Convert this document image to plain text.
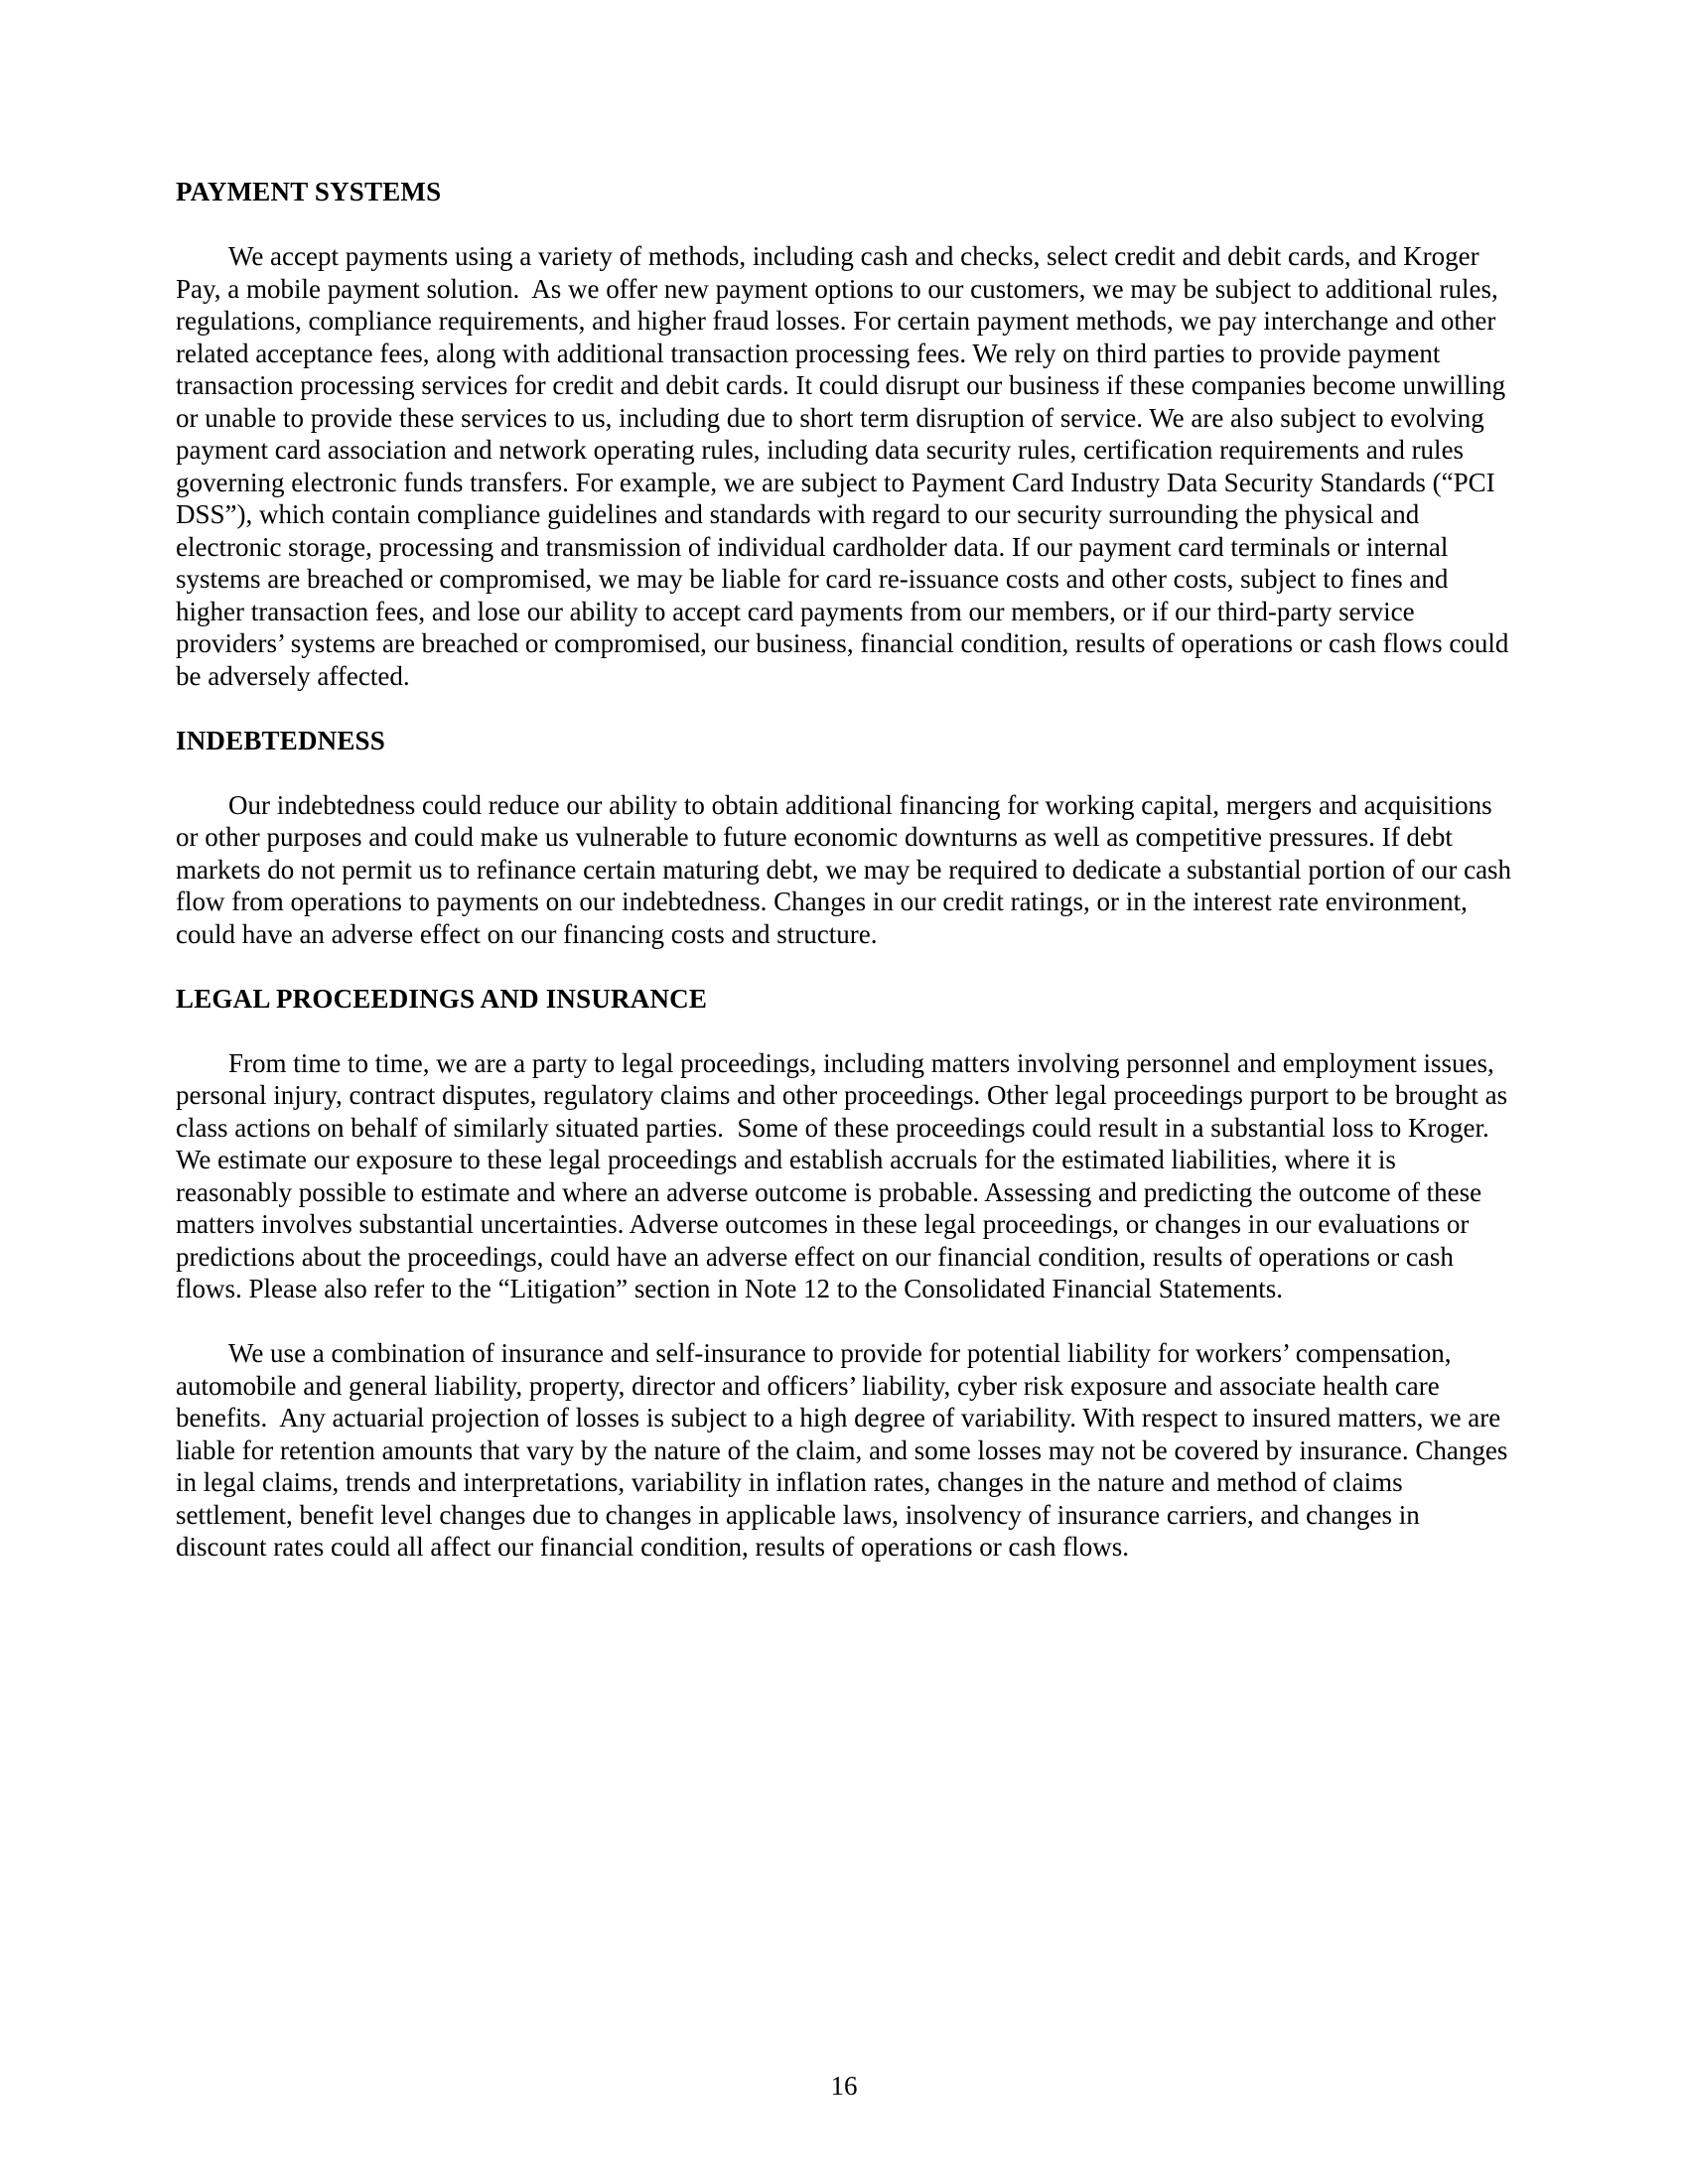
PAYMENT SYSTEMS

We accept payments using a variety of methods, including cash and checks, select credit and debit cards, and Kroger Pay, a mobile payment solution.  As we offer new payment options to our customers, we may be subject to additional rules, regulations, compliance requirements, and higher fraud losses. For certain payment methods, we pay interchange and other related acceptance fees, along with additional transaction processing fees. We rely on third parties to provide payment transaction processing services for credit and debit cards. It could disrupt our business if these companies become unwilling or unable to provide these services to us, including due to short term disruption of service. We are also subject to evolving payment card association and network operating rules, including data security rules, certification requirements and rules governing electronic funds transfers. For example, we are subject to Payment Card Industry Data Security Standards (“PCI DSS”), which contain compliance guidelines and standards with regard to our security surrounding the physical and electronic storage, processing and transmission of individual cardholder data. If our payment card terminals or internal systems are breached or compromised, we may be liable for card re-issuance costs and other costs, subject to fines and higher transaction fees, and lose our ability to accept card payments from our members, or if our third-party service providers’ systems are breached or compromised, our business, financial condition, results of operations or cash flows could be adversely affected.

INDEBTEDNESS

Our indebtedness could reduce our ability to obtain additional financing for working capital, mergers and acquisitions or other purposes and could make us vulnerable to future economic downturns as well as competitive pressures. If debt markets do not permit us to refinance certain maturing debt, we may be required to dedicate a substantial portion of our cash flow from operations to payments on our indebtedness. Changes in our credit ratings, or in the interest rate environment, could have an adverse effect on our financing costs and structure.

LEGAL PROCEEDINGS AND INSURANCE

From time to time, we are a party to legal proceedings, including matters involving personnel and employment issues, personal injury, contract disputes, regulatory claims and other proceedings. Other legal proceedings purport to be brought as class actions on behalf of similarly situated parties.  Some of these proceedings could result in a substantial loss to Kroger. We estimate our exposure to these legal proceedings and establish accruals for the estimated liabilities, where it is reasonably possible to estimate and where an adverse outcome is probable. Assessing and predicting the outcome of these matters involves substantial uncertainties. Adverse outcomes in these legal proceedings, or changes in our evaluations or predictions about the proceedings, could have an adverse effect on our financial condition, results of operations or cash flows. Please also refer to the “Litigation” section in Note 12 to the Consolidated Financial Statements.

We use a combination of insurance and self-insurance to provide for potential liability for workers’ compensation, automobile and general liability, property, director and officers’ liability, cyber risk exposure and associate health care benefits.  Any actuarial projection of losses is subject to a high degree of variability. With respect to insured matters, we are liable for retention amounts that vary by the nature of the claim, and some losses may not be covered by insurance. Changes in legal claims, trends and interpretations, variability in inflation rates, changes in the nature and method of claims settlement, benefit level changes due to changes in applicable laws, insolvency of insurance carriers, and changes in discount rates could all affect our financial condition, results of operations or cash flows.

16
